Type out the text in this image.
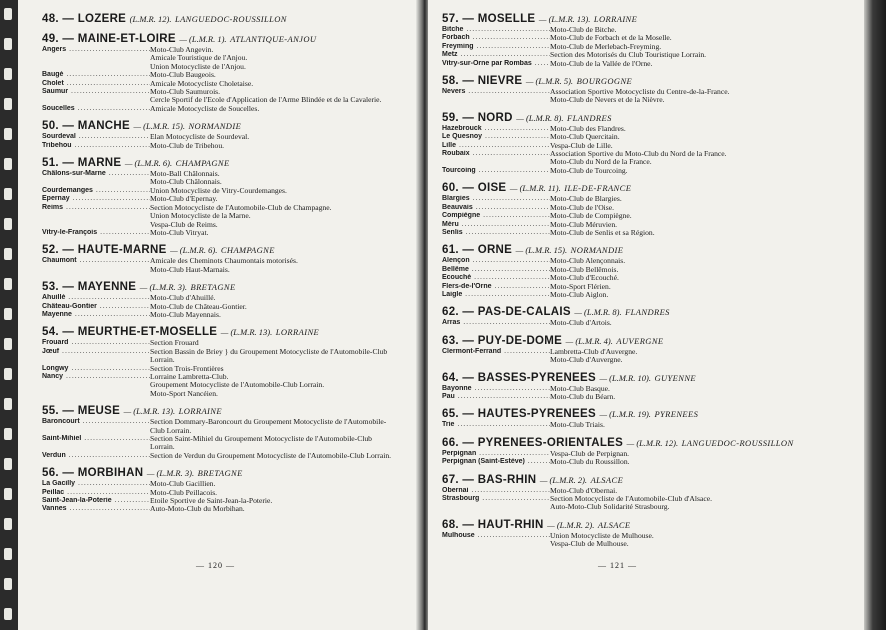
48. — LOZERE (L.M.R. 12). LANGUEDOC-ROUSSILLON
49. — MAINE-ET-LOIRE — (L.M.R. 1). ATLANTIQUE-ANJOU
Angers .....	Moto-Club Angevin.
Amicale Touristique de l'Anjou.
Union Motocycliste de l'Anjou.
Baugé .....	Moto-Club Baugeois.
Cholet .....	Amicale Motocycliste Choletaise.
Saumur .....	Moto-Club Saumurois.
Cercle Sportif de l'Ecole d'Application de l'Arme Blindée et de la Cavalerie.
Soucelles .....	Amicale Motocycliste de Soucelles.
50. — MANCHE — (L.M.R. 15). NORMANDIE
Sourdeval .....	Elan Motocycliste de Sourdeval.
Tribehou .....	Moto-Club de Tribehou.
51. — MARNE — (L.M.R. 6). CHAMPAGNE
Châlons-sur-Marne .....	Moto-Ball Châlonnais.
Moto-Club Châlonnais.
Courdemanges .....	Union Motocycliste de Vitry-Courdemanges.
Epernay .....	Moto-Club d'Epernay.
Reims .....	Section Motocycliste de l'Automobile-Club de Champagne.
Union Motocycliste de la Marne.
Vespa-Club de Reims.
Vitry-le-François .....	Moto-Club Vitryat.
52. — HAUTE-MARNE — (L.M.R. 6). CHAMPAGNE
Chaumont .....	Amicale des Cheminots Chaumontais motorisés.
Moto-Club Haut-Marnais.
53. — MAYENNE — (L.M.R. 3). BRETAGNE
Ahuillé .....	Moto-Club d'Ahuillé.
Château-Gontier .....	Moto-Club de Château-Gontier.
Mayenne .....	Moto-Club Mayennais.
54. — MEURTHE-ET-MOSELLE — (L.M.R. 13). LORRAINE
Frouard .....	Section Frouard
Jœuf .....	Section Bassin de Briey } du Groupement Motocycliste de l'Automobile-Club Lorrain.
Longwy .....	Section Trois-Frontières
Nancy .....	Lorraine Lambretta-Club.
Groupement Motocycliste de l'Automobile-Club Lorrain.
Moto-Sport Nancéien.
55. — MEUSE — (L.M.R. 13). LORRAINE
Baroncourt .....	Section Dommary-Baroncourt du Groupement Motocycliste de l'Automobile-Club Lorrain.
Saint-Mihiel .....	Section Saint-Mihiel du Groupement Motocycliste de l'Automobile-Club Lorrain.
Verdun .....	Section de Verdun du Groupement Motocycliste de l'Automobile-Club Lorrain.
56. — MORBIHAN — (L.M.R. 3). BRETAGNE
La Gacilly .....	Moto-Club Gacillien.
Peillac .....	Moto-Club Peillacois.
Saint-Jean-la-Poterie .....	Etoile Sportive de Saint-Jean-la-Poterie.
Vannes .....	Auto-Moto-Club du Morbihan.
— 120 —
57. — MOSELLE — (L.M.R. 13). LORRAINE
Bitche .....	Moto-Club de Bitche.
Forbach .....	Moto-Club de Forbach et de la Moselle.
Freyming .....	Moto-Club de Merlebach-Freyming.
Metz .....	Section des Motorisés du Club Touristique Lorrain.
Vitry-sur-Orne par Rombas .....	Moto-Club de la Vallée de l'Orne.
58. — NIEVRE — (L.M.R. 5). BOURGOGNE
Nevers .....	Association Sportive Motocycliste du Centre-de-la-France.
Moto-Club de Nevers et de la Nièvre.
59. — NORD — (L.M.R. 8). FLANDRES
Hazebrouck .....	Moto-Club des Flandres.
Le Quesnoy .....	Moto-Club Quercitain.
Lille .....	Vespa-Club de Lille.
Roubaix .....	Association Sportive du Moto-Club du Nord de la France.
Moto-Club du Nord de la France.
Tourcoing .....	Moto-Club de Tourcoing.
60. — OISE — (L.M.R. 11). ILE-DE-FRANCE
Blargies .....	Moto-Club de Blargies.
Beauvais .....	Moto-Club de l'Oise.
Compiègne .....	Moto-Club de Compiègne.
Méru .....	Moto-Club Méruvien.
Senlis .....	Moto-Club de Senlis et sa Région.
61. — ORNE — (L.M.R. 15). NORMANDIE
Alençon .....	Moto-Club Alençonnais.
Bellême .....	Moto-Club Bellêmois.
Ecouché .....	Moto-Club d'Ecouché.
Flers-de-l'Orne .....	Moto-Sport Flérien.
Laigle .....	Moto-Club Aiglon.
62. — PAS-DE-CALAIS — (L.M.R. 8). FLANDRES
Arras .....	Moto-Club d'Artois.
63. — PUY-DE-DOME — (L.M.R. 4). AUVERGNE
Clermont-Ferrand .....	Lambretta-Club d'Auvergne.
Moto-Club d'Auvergne.
64. — BASSES-PYRENEES — (L.M.R. 10). GUYENNE
Bayonne .....	Moto-Club Basque.
Pau .....	Moto-Club du Béarn.
65. — HAUTES-PYRENEES — (L.M.R. 19). PYRENEES
Trie .....	Moto-Club Triais.
66. — PYRENEES-ORIENTALES — (L.M.R. 12). LANGUEDOC-ROUSSILLON
Perpignan .....	Vespa-Club de Perpignan.
Perpignan (Saint-Estève) .....	Moto-Club du Roussillon.
67. — BAS-RHIN — (L.M.R. 2). ALSACE
Obernai .....	Moto-Club d'Obernai.
Strasbourg .....	Section Motocycliste de l'Automobile-Club d'Alsace.
Auto-Moto-Club Solidarité Strasbourg.
68. — HAUT-RHIN — (L.M.R. 2). ALSACE
Mulhouse .....	Union Motocycliste de Mulhouse.
Vespa-Club de Mulhouse.
— 121 —
